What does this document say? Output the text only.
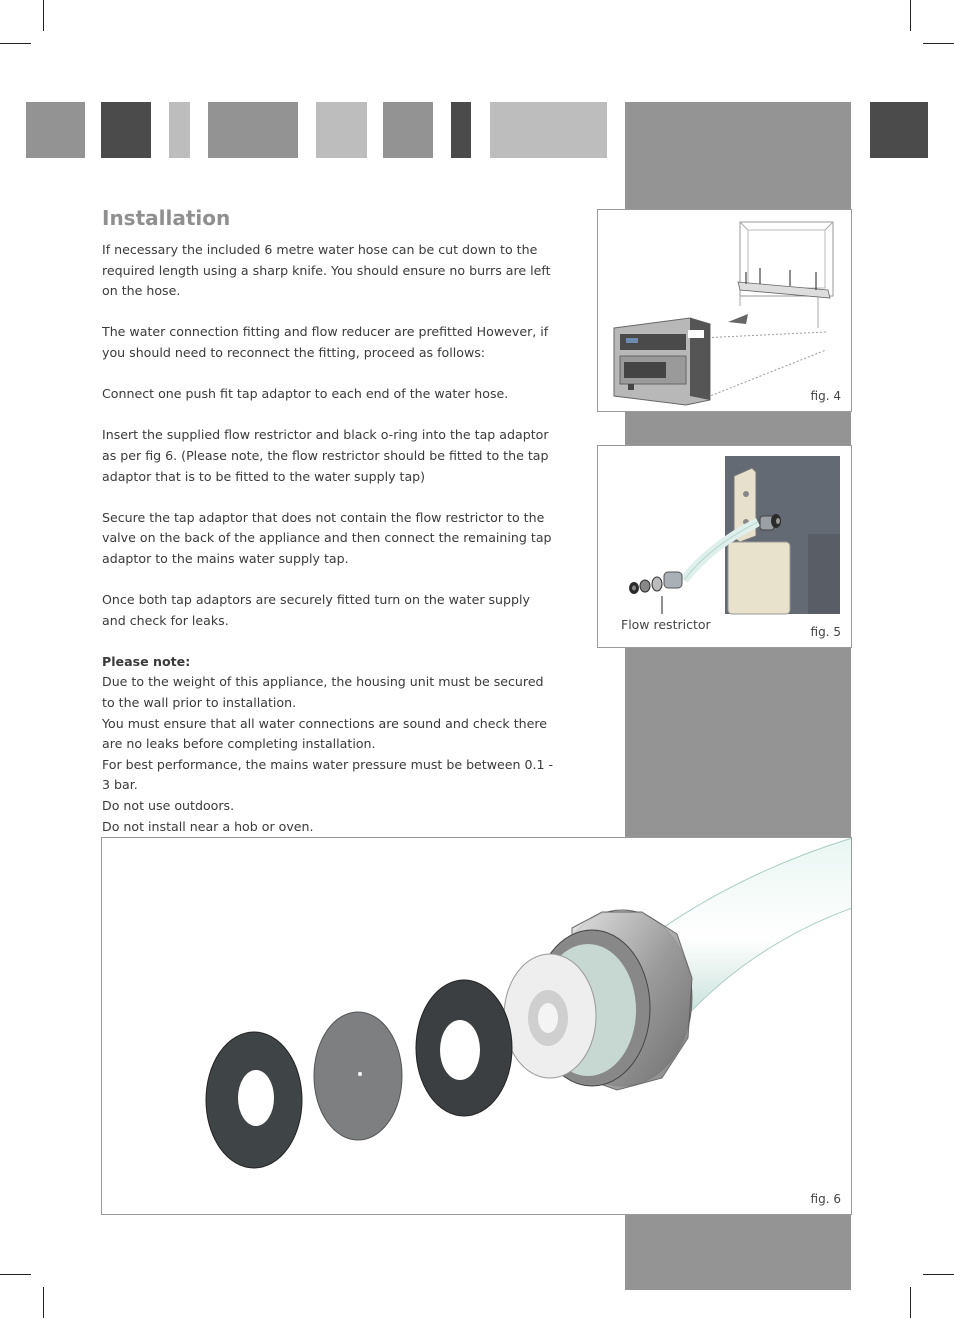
Installation

If necessary the included 6 metre water hose can be cut down to the required length using a sharp knife. You should ensure no burrs are left on the hose.

The water connection fitting and flow reducer are prefitted However, if you should need to reconnect the fitting, proceed as follows:

Connect one push fit tap adaptor to each end of the water hose.

Insert the supplied flow restrictor and black o-ring into the tap adaptor as per fig 6. (Please note, the flow restrictor should be fitted to the tap adaptor that is to be fitted to the water supply tap)

Secure the tap adaptor that does not contain the flow restrictor to the valve on the back of the appliance and then connect the remaining tap adaptor to the mains water supply tap.

Once both tap adaptors are securely fitted turn on the water supply and check for leaks.

Please note:

Due to the weight of this appliance, the housing unit must be secured to the wall prior to installation.

You must ensure that all water connections are sound and check there are no leaks before completing installation.

For best performance, the mains water pressure must be between 0.1 - 3 bar.

Do not use outdoors.

Do not install near a hob or oven.

fig. 4
Flow restrictor	fig. 5
fig. 6
